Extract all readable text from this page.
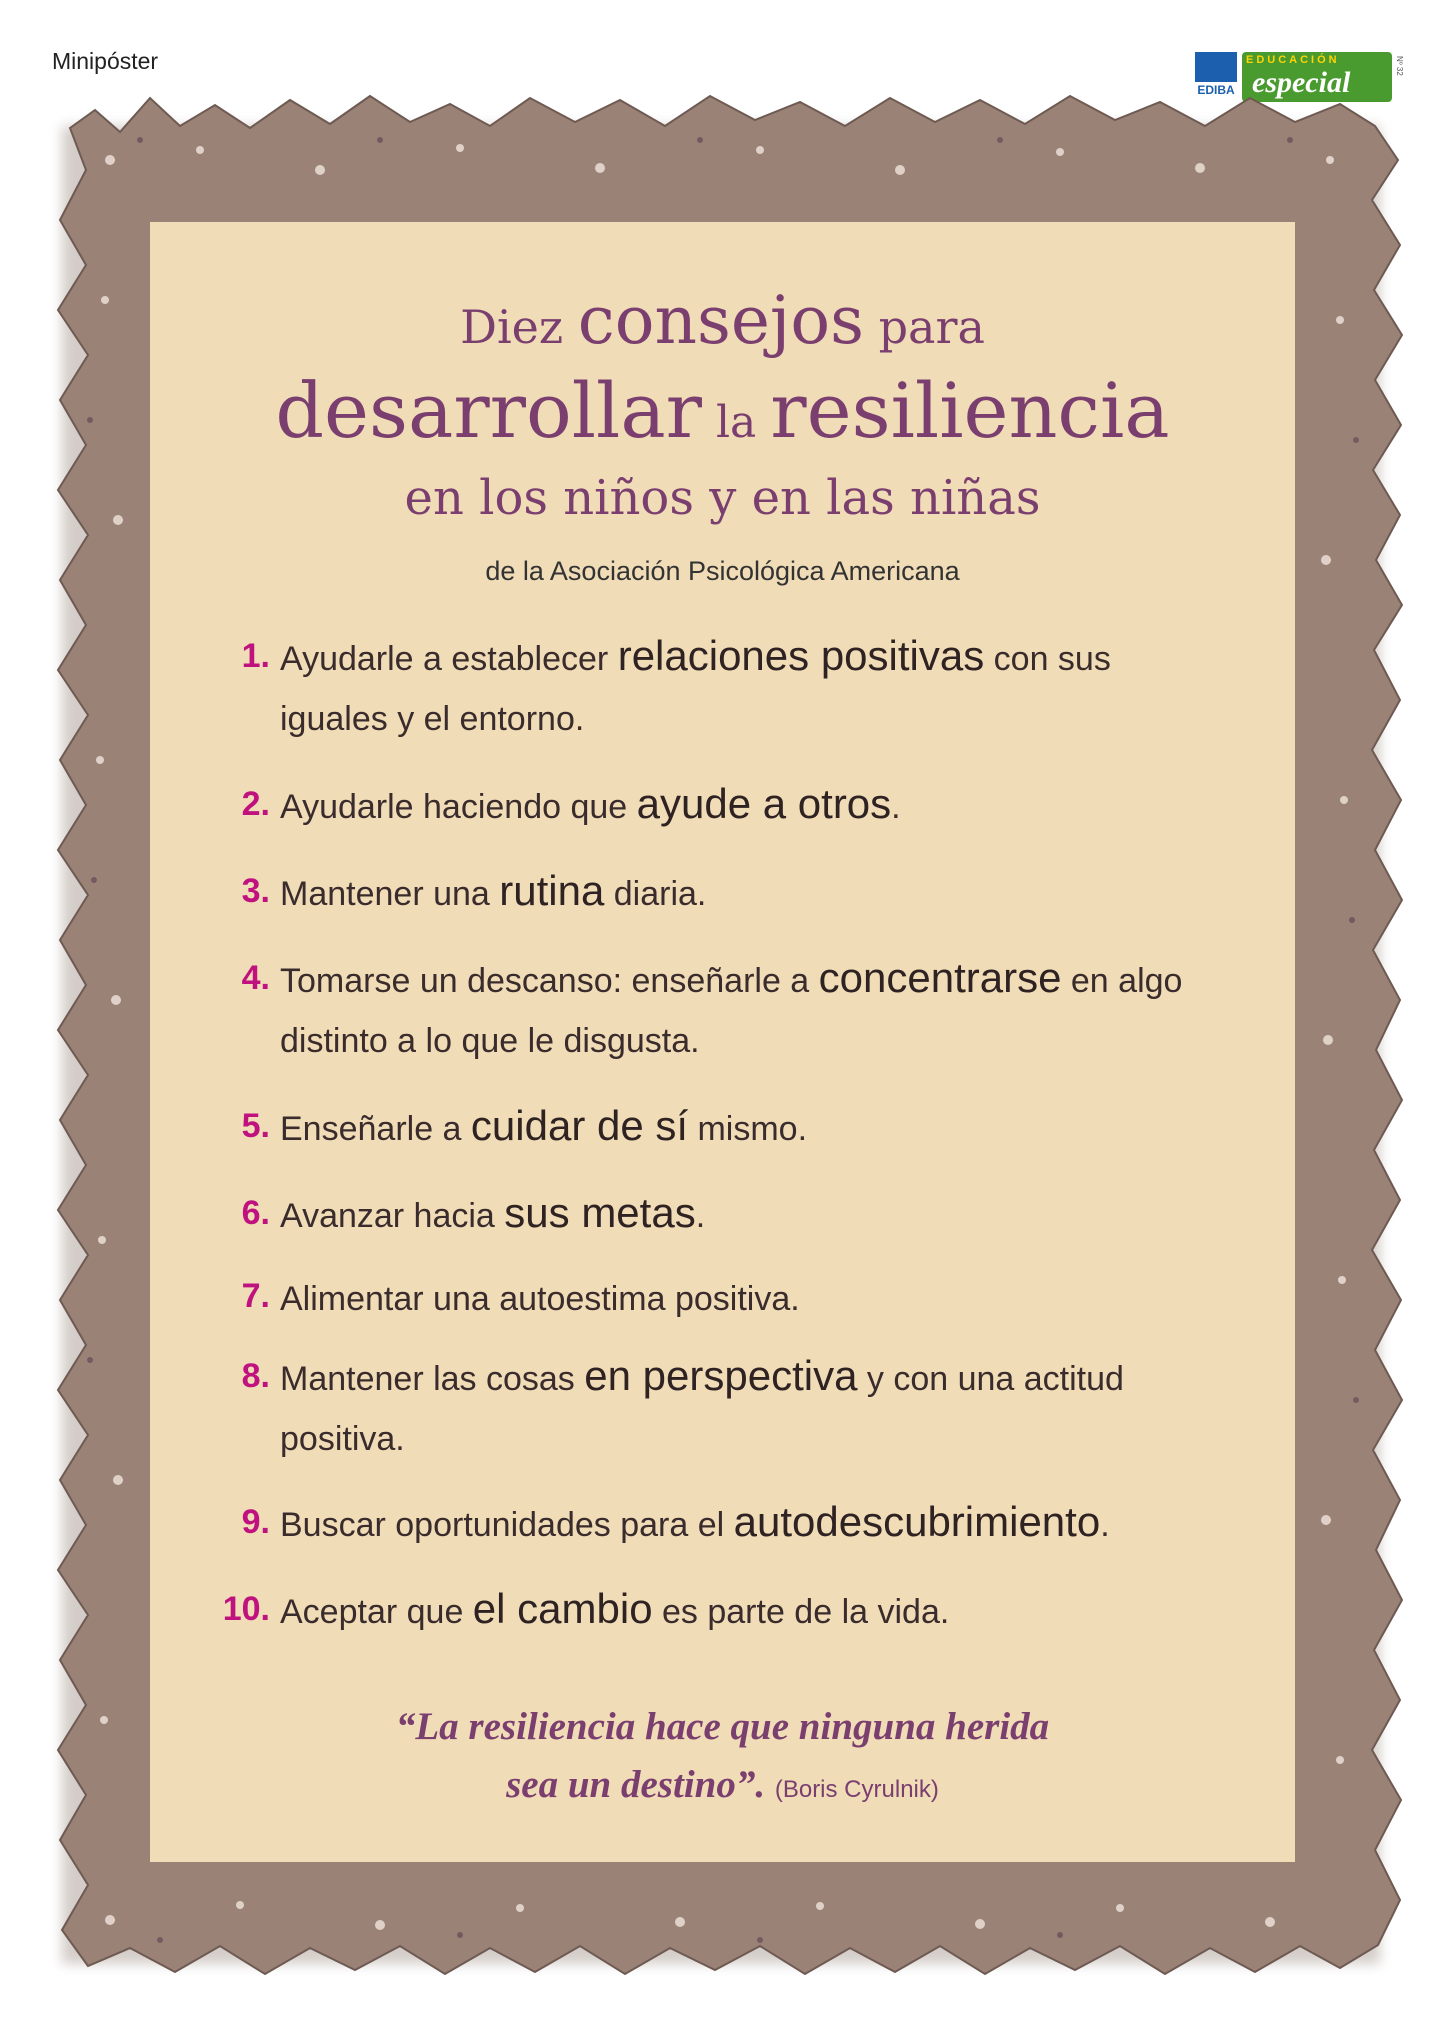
Minipóster
EDIBA
EDUCACIÓN
especial
Nº 32
Diez consejos para
desarrollar la resiliencia
en los niños y en las niñas
de la Asociación Psicológica Americana
1. Ayudarle a establecer relaciones positivas con sus
iguales y el entorno.
2. Ayudarle haciendo que ayude a otros.
3. Mantener una rutina diaria.
4. Tomarse un descanso: enseñarle a concentrarse en algo
distinto a lo que le disgusta.
5. Enseñarle a cuidar de sí mismo.
6. Avanzar hacia sus metas.
7. Alimentar una autoestima positiva.
8. Mantener las cosas en perspectiva y con una actitud
positiva.
9. Buscar oportunidades para el autodescubrimiento.
10. Aceptar que el cambio es parte de la vida.
“La resiliencia hace que ninguna herida
sea un destino”. (Boris Cyrulnik)
